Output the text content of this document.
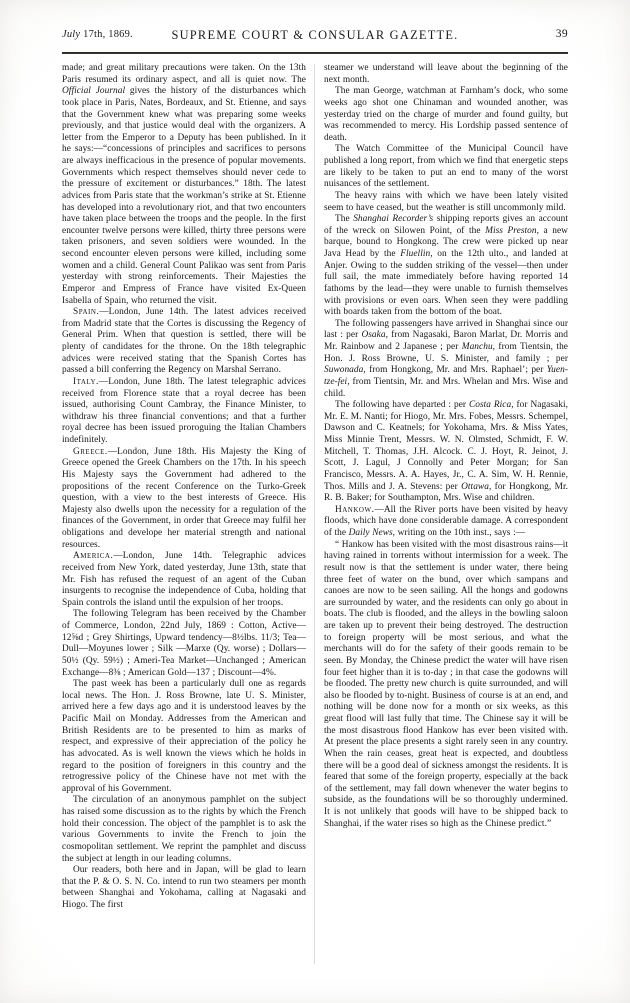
July 17th, 1869.	SUPREME COURT & CONSULAR GAZETTE.	39

made; and great military precautions were taken. On the 13th Paris resumed its ordinary aspect, and all is quiet now. The Official Journal gives the history of the disturbances which took place in Paris, Nates, Bordeaux, and St. Etienne, and says that the Government knew what was preparing some weeks previously, and that justice would deal with the organizers. A letter from the Emperor to a Deputy has been published. In it he says:—“concessions of principles and sacrifices to persons are always inefficacious in the presence of popular movements. Governments which respect themselves should never cede to the pressure of excitement or disturbances.” 18th. The latest advices from Paris state that the workman’s strike at St. Etienne has developed into a revolutionary riot, and that two encounters have taken place between the troops and the people. In the first encounter twelve persons were killed, thirty three persons were taken prisoners, and seven soldiers were wounded. In the second encounter eleven persons were killed, including some women and a child. General Count Palikao was sent from Paris yesterday with strong reinforcements. Their Majesties the Emperor and Empress of France have visited Ex-Queen Isabella of Spain, who returned the visit.

Spain.—London, June 14th. The latest advices received from Madrid state that the Cortes is discussing the Regency of General Prim. When that question is settled, there will be plenty of candidates for the throne. On the 18th telegraphic advices were received stating that the Spanish Cortes has passed a bill conferring the Regency on Marshal Serrano.

Italy.—London, June 18th. The latest telegraphic advices received from Florence state that a royal decree has been issued, authorising Count Cambray, the Finance Minister, to withdraw his three financial conventions; and that a further royal decree has been issued proroguing the Italian Chambers indefinitely.

Greece.—London, June 18th. His Majesty the King of Greece opened the Greek Chambers on the 17th. In his speech His Majesty says the Government had adhered to the propositions of the recent Conference on the Turko-Greek question, with a view to the best interests of Greece. His Majesty also dwells upon the necessity for a regulation of the finances of the Government, in order that Greece may fulfil her obligations and develope her material strength and national resources.

America.—London, June 14th. Telegraphic advices received from New York, dated yesterday, June 13th, state that Mr. Fish has refused the request of an agent of the Cuban insurgents to recognise the independence of Cuba, holding that Spain controls the island until the expulsion of her troops.

The following Telegram has been received by the Chamber of Commerce, London, 22nd July, 1869 : Cotton, Active—12⅝d ; Grey Shirtings, Upward tendency—8½lbs. 11/3; Tea—Dull—Moyunes lower ; Silk —Marxe (Qy. worse) ; Dollars—50½ (Qy. 59½) ; Ameri-Tea Market—Unchanged ; American Exchange—8⅜ ; American Gold—137 ; Discount—4%.

The past week has been a particularly dull one as regards local news. The Hon. J. Ross Browne, late U. S. Minister, arrived here a few days ago and it is understood leaves by the Pacific Mail on Monday. Addresses from the American and British Residents are to be presented to him as marks of respect, and expressive of their appreciation of the policy he has advocated. As is well known the views which he holds in regard to the position of foreigners in this country and the retrogressive policy of the Chinese have not met with the approval of his Government.

The circulation of an anonymous pamphlet on the subject has raised some discussion as to the rights by which the French hold their concession. The object of the pamphlet is to ask the various Governments to invite the French to join the cosmopolitan settlement. We reprint the pamphlet and discuss the subject at length in our leading columns.

Our readers, both here and in Japan, will be glad to learn that the P. & O. S. N. Co. intend to run two steamers per month between Shanghai and Yokohama, calling at Nagasaki and Hiogo. The first

steamer we understand will leave about the beginning of the next month.

The man George, watchman at Farnham’s dock, who some weeks ago shot one Chinaman and wounded another, was yesterday tried on the charge of murder and found guilty, but was recommended to mercy. His Lordship passed sentence of death.

The Watch Committee of the Municipal Council have published a long report, from which we find that energetic steps are likely to be taken to put an end to many of the worst nuisances of the settlement.

The heavy rains with which we have been lately visited seem to have ceased, but the weather is still uncommonly mild.

The Shanghai Recorder’s shipping reports gives an account of the wreck on Silowen Point, of the Miss Preston, a new barque, bound to Hongkong. The crew were picked up near Java Head by the Fluellin, on the 12th ulto., and landed at Anjer. Owing to the sudden striking of the vessel—then under full sail, the mate immediately before having reported 14 fathoms by the lead—they were unable to furnish themselves with provisions or even oars. When seen they were paddling with boards taken from the bottom of the boat.

The following passengers have arrived in Shanghai since our last : per Osaka, from Nagasaki, Baron Marlat, Dr. Morris and Mr. Rainbow and 2 Japanese ; per Manchu, from Tientsin, the Hon. J. Ross Browne, U. S. Minister, and family ; per Suwonada, from Hongkong, Mr. and Mrs. Raphael’; per Yuen-tze-fei, from Tientsin, Mr. and Mrs. Whelan and Mrs. Wise and child.

The following have departed : per Costa Rica, for Nagasaki, Mr. E. M. Nanti; for Hiogo, Mr. Mrs. Fobes, Messrs. Schempel, Dawson and C. Keatnels; for Yokohama, Mrs. & Miss Yates, Miss Minnie Trent, Messrs. W. N. Olmsted, Schmidt, F. W. Mitchell, T. Thomas, J.H. Alcock. C. J. Hoyt, R. Jeinot, J. Scott, J. Lagul, J Connolly and Peter Morgan; for San Francisco, Messrs. A. A. Hayes, Jr., C. A. Sim, W. H. Rennie, Thos. Mills and J. A. Stevens: per Ottawa, for Hongkong, Mr. R. B. Baker; for Southampton, Mrs. Wise and children.

Hankow.—All the River ports have been visited by heavy floods, which have done considerable damage. A correspondent of the Daily News, writing on the 10th inst., says :—

“ Hankow has been visited with the most disastrous rains—it having rained in torrents without intermission for a week. The result now is that the settlement is under water, there being three feet of water on the bund, over which sampans and canoes are now to be seen sailing. All the hongs and godowns are surrounded by water, and the residents can only go about in boats. The club is flooded, and the alleys in the bowling saloon are taken up to prevent their being destroyed. The destruction to foreign property will be most serious, and what the merchants will do for the safety of their goods remain to be seen. By Monday, the Chinese predict the water will have risen four feet higher than it is to-day ; in that case the godowns will be flooded. The pretty new church is quite surrounded, and will also be flooded by to-night. Business of course is at an end, and nothing will be done now for a month or six weeks, as this great flood will last fully that time. The Chinese say it will be the most disastrous flood Hankow has ever been visited with. At present the place presents a sight rarely seen in any country. When the rain ceases, great heat is expected, and doubtless there will be a good deal of sickness amongst the residents. It is feared that some of the foreign property, especially at the back of the settlement, may fall down whenever the water begins to subside, as the foundations will be so thoroughly undermined. It is not unlikely that goods will have to be shipped back to Shanghai, if the water rises so high as the Chinese predict.”
